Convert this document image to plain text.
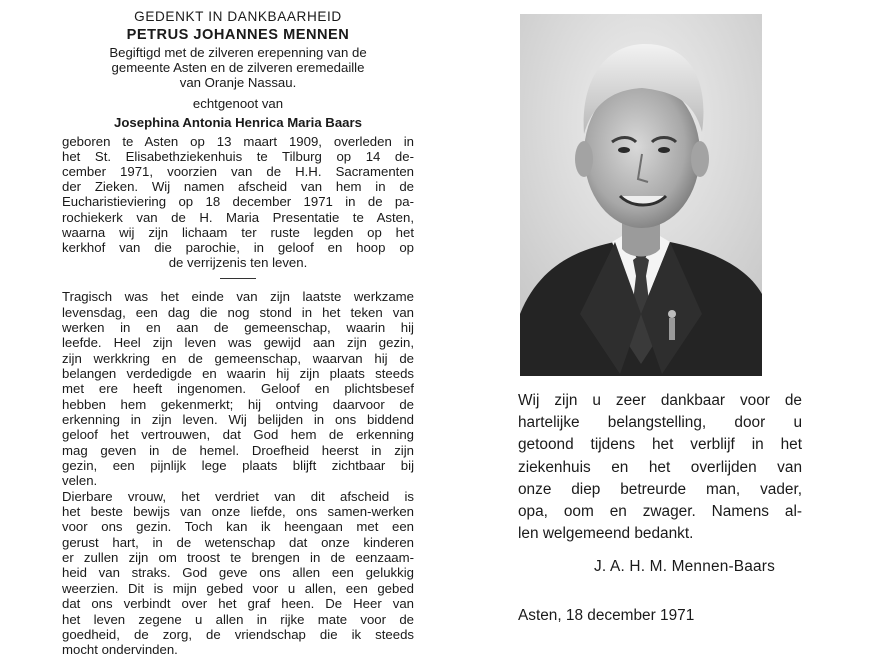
GEDENKT IN DANKBAARHEID
PETRUS JOHANNES MENNEN
Begiftigd met de zilveren erepenning van de
gemeente Asten en de zilveren eremedaille
van Oranje Nassau.
echtgenoot van
Josephina Antonia Henrica Maria Baars
geboren te Asten op 13 maart 1909, overleden in
het St. Elisabethziekenhuis te Tilburg op 14 de-
cember 1971, voorzien van de H.H. Sacramenten
der Zieken. Wij namen afscheid van hem in de
Eucharistieviering op 18 december 1971 in de pa-
rochiekerk van de H. Maria Presentatie te Asten,
waarna wij zijn lichaam ter ruste legden op het
kerkhof van die parochie, in geloof en hoop op
de verrijzenis ten leven.
Tragisch was het einde van zijn laatste werkzame
levensdag, een dag die nog stond in het teken van
werken in en aan de gemeenschap, waarin hij
leefde. Heel zijn leven was gewijd aan zijn gezin,
zijn werkkring en de gemeenschap, waarvan hij de
belangen verdedigde en waarin hij zijn plaats steeds
met ere heeft ingenomen. Geloof en plichtsbesef
hebben hem gekenmerkt; hij ontving daarvoor de
erkenning in zijn leven. Wij belijden in ons biddend
geloof het vertrouwen, dat God hem de erkenning
mag geven in de hemel. Droefheid heerst in zijn
gezin, een pijnlijk lege plaats blijft zichtbaar bij
velen.
Dierbare vrouw, het verdriet van dit afscheid is
het beste bewijs van onze liefde, ons samen-werken
voor ons gezin. Toch kan ik heengaan met een
gerust hart, in de wetenschap dat onze kinderen
er zullen zijn om troost te brengen in de eenzaam-
heid van straks. God geve ons allen een gelukkig
weerzien. Dit is mijn gebed voor u allen, een gebed
dat ons verbindt over het graf heen. De Heer van
het leven zegene u allen in rijke mate voor de
goedheid, de zorg, de vriendschap die ik steeds
mocht ondervinden.
Wij zijn u zeer dankbaar voor de
hartelijke belangstelling, door u
getoond tijdens het verblijf in het
ziekenhuis en het overlijden van
onze diep betreurde man, vader,
opa, oom en zwager. Namens al-
len welgemeend bedankt.
J. A. H. M. Mennen-Baars
Asten, 18 december 1971
